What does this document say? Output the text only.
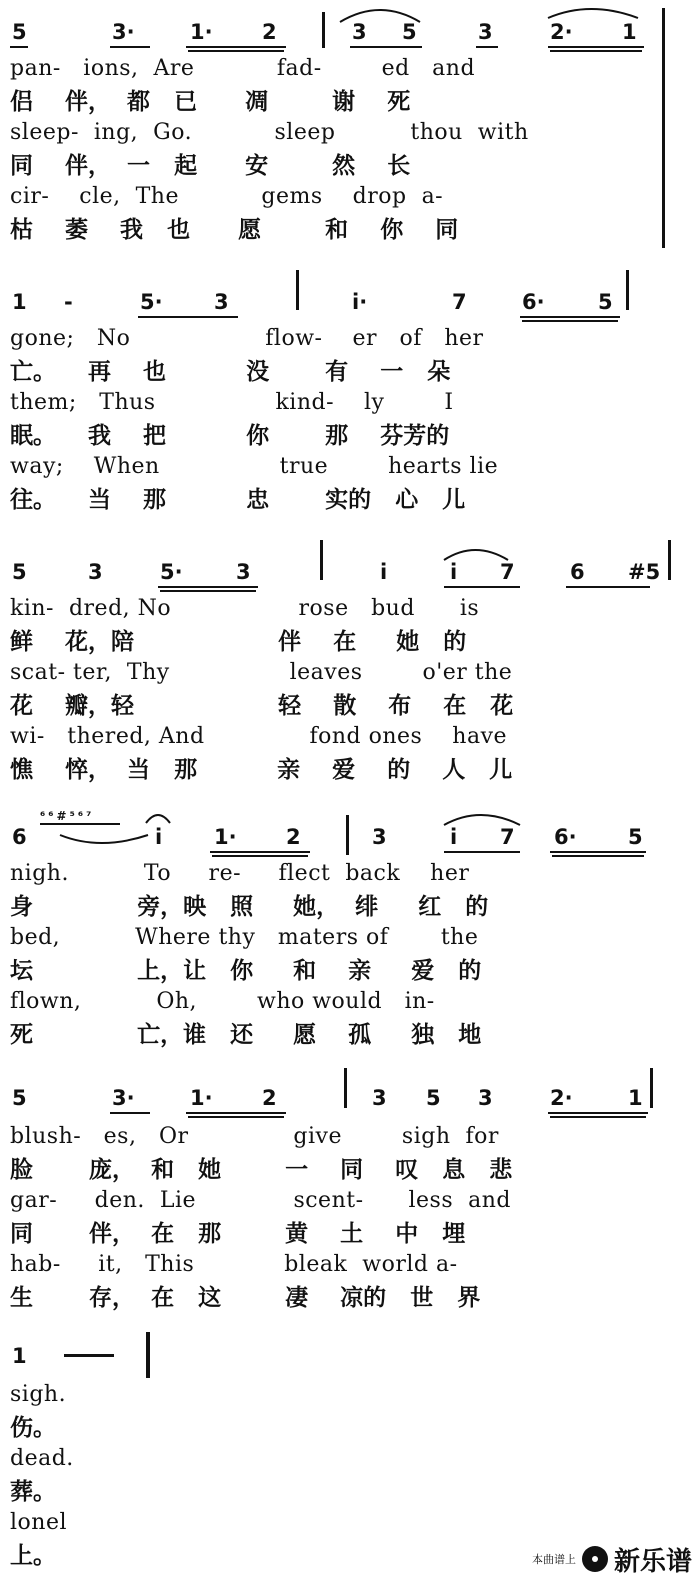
5	3·	1· 2	3 5	3	2· 1
pan-   ions,  Are           fad-        ed   and
侣    伴，  都   已      凋        谢    死
sleep-  ing,  Go.           sleep          thou  with
同    伴，  一   起      安        然    长
cir-    cle,  The           gems    drop  a-
枯    萎    我   也      愿        和    你    同
1 -	5· 3	i·	7	6·	5
gone;   No                  flow-    er   of   her
亡。    再    也          没       有    一   朵
them;   Thus                kind-    ly        I
眠。    我    把          你       那    芬芳的
way;    When                true        hearts lie
往。    当    那          忠       实的   心   儿
5	3	5·	3	i	i 7	6 #5
kin-  dred, No                 rose   bud      is
鲜    花，陪                  伴    在     她   的
scat- ter,  Thy                leaves        o'er the
花    瓣，轻                  轻    散    布    在   花
wi-   thered, And              fond ones    have
憔    悴，  当   那          亲    爱    的    人   儿
⁶⁶#⁵⁶⁷
6	i 1· 2	3	i 7 6· 5
nigh.          To     re-     flect  back    her
身             旁，映   照     她，  绯     红   的
bed,          Where thy   maters of       the
坛             上，让   你     和    亲     爱   的
flown,          Oh,        who would   in-
死             亡，谁   还     愿    孤     独   地
5	3·	1· 2	3 5 3	2·	1
blush-   es,   Or              give        sigh  for
脸       庞，  和   她        一    同    叹   息   悲
gar-     den.  Lie             scent-      less  and
同       伴，  在   那        黄    土    中   埋
hab-     it,   This            bleak  world a-
生       存，  在   这        凄    凉的   世   界
1
sigh.
伤。
dead.
葬。
lonel
上。	本曲谱上 新乐谱
